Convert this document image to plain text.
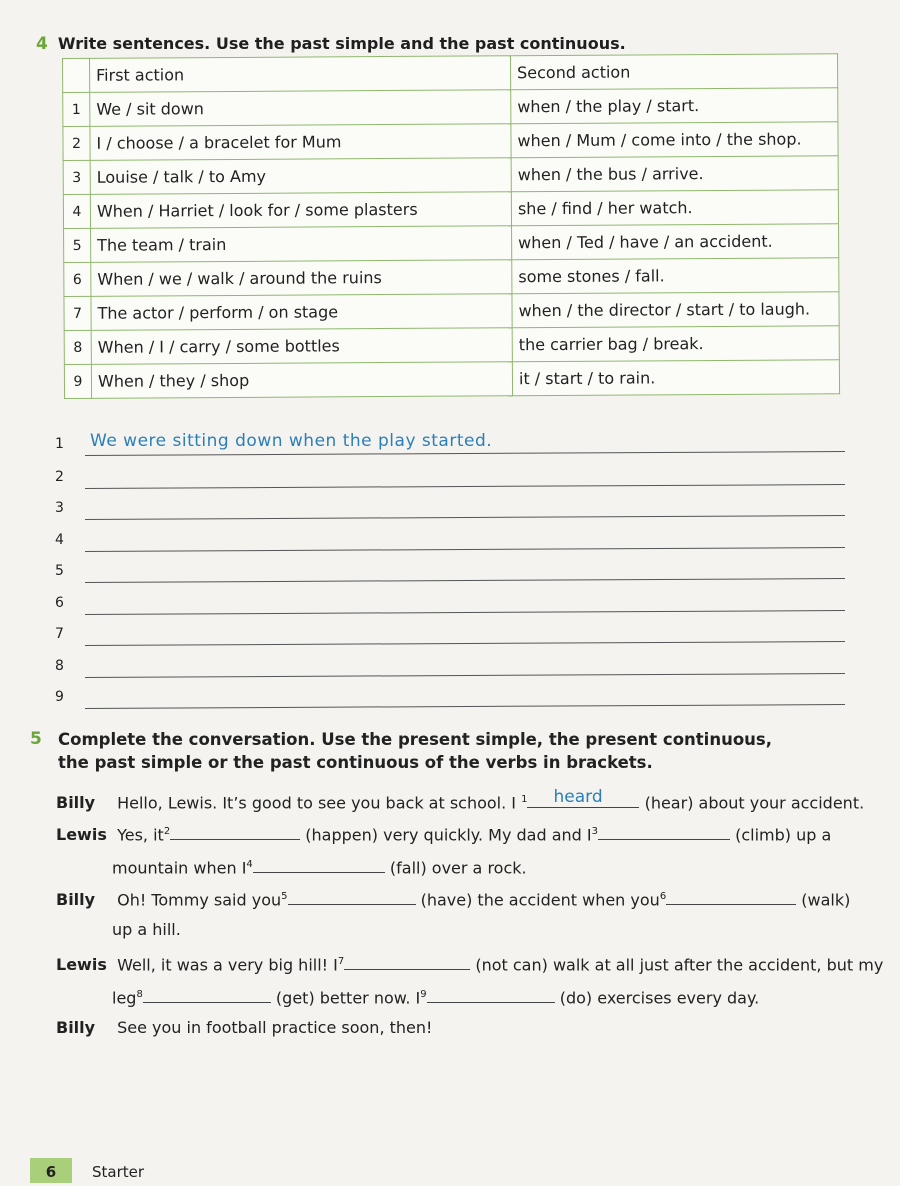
4 Write sentences. Use the past simple and the past continuous.
	First action	Second action
1	We / sit down	when / the play / start.
2	I / choose / a bracelet for Mum	when / Mum / come into / the shop.
3	Louise / talk / to Amy	when / the bus / arrive.
4	When / Harriet / look for / some plasters	she / find / her watch.
5	The team / train	when / Ted / have / an accident.
6	When / we / walk / around the ruins	some stones / fall.
7	The actor / perform / on stage	when / the director / start / to laugh.
8	When / I / carry / some bottles	the carrier bag / break.
9	When / they / shop	it / start / to rain.
1 We were sitting down when the play started.
2
3
4
5
6
7
8
9
5 Complete the conversation. Use the present simple, the present continuous,
the past simple or the past continuous of the verbs in brackets.
Billy Hello, Lewis. It’s good to see you back at school. I $^1$ heard	(hear) about your accident.
Lewis Yes, $it^2$	(happen) very quickly. My dad and $I^3$	(climb) up a
mountain when $I^4$	(fall) over a rock.
Billy Oh! Tommy said you$^5$	(have) the accident when you$^6$	(walk)
up a hill.
Lewis Well, it was a very big hill! $I^7$	(not can) walk at all just after the accident, but my
leg$^8$	(get) better now. $I^9$	(do) exercises every day.
Billy See you in football practice soon, then!
6	Starter
